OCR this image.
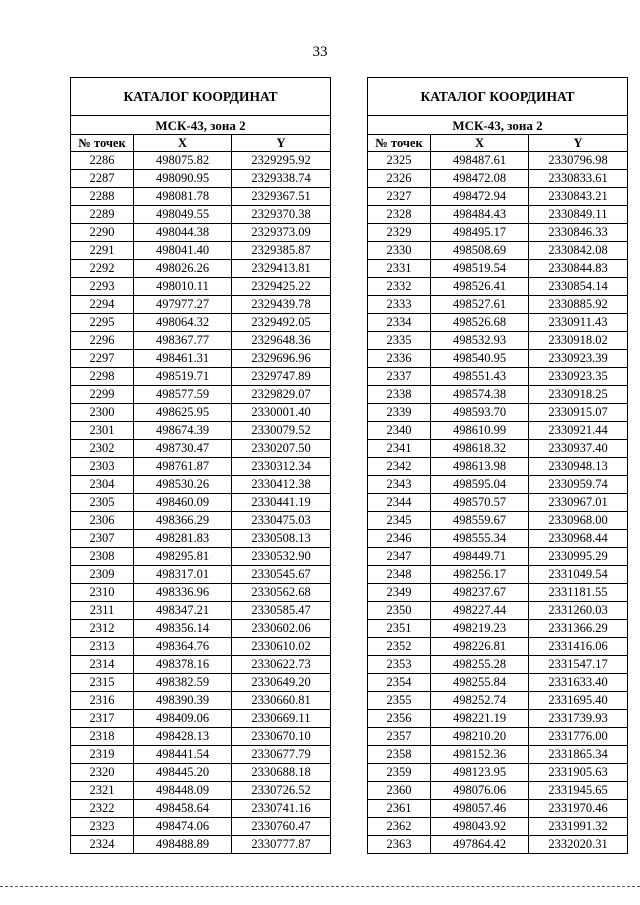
33
КАТАЛОГ КООРДИНАТ		
МСК-43, зона 2		
№ точек	X	Y
2286	498075.82	2329295.92
2287	498090.95	2329338.74
2288	498081.78	2329367.51
2289	498049.55	2329370.38
2290	498044.38	2329373.09
2291	498041.40	2329385.87
2292	498026.26	2329413.81
2293	498010.11	2329425.22
2294	497977.27	2329439.78
2295	498064.32	2329492.05
2296	498367.77	2329648.36
2297	498461.31	2329696.96
2298	498519.71	2329747.89
2299	498577.59	2329829.07
2300	498625.95	2330001.40
2301	498674.39	2330079.52
2302	498730.47	2330207.50
2303	498761.87	2330312.34
2304	498530.26	2330412.38
2305	498460.09	2330441.19
2306	498366.29	2330475.03
2307	498281.83	2330508.13
2308	498295.81	2330532.90
2309	498317.01	2330545.67
2310	498336.96	2330562.68
2311	498347.21	2330585.47
2312	498356.14	2330602.06
2313	498364.76	2330610.02
2314	498378.16	2330622.73
2315	498382.59	2330649.20
2316	498390.39	2330660.81
2317	498409.06	2330669.11
2318	498428.13	2330670.10
2319	498441.54	2330677.79
2320	498445.20	2330688.18
2321	498448.09	2330726.52
2322	498458.64	2330741.16
2323	498474.06	2330760.47
2324	498488.89	2330777.87
КАТАЛОГ КООРДИНАТ		
МСК-43, зона 2		
№ точек	X	Y
2325	498487.61	2330796.98
2326	498472.08	2330833.61
2327	498472.94	2330843.21
2328	498484.43	2330849.11
2329	498495.17	2330846.33
2330	498508.69	2330842.08
2331	498519.54	2330844.83
2332	498526.41	2330854.14
2333	498527.61	2330885.92
2334	498526.68	2330911.43
2335	498532.93	2330918.02
2336	498540.95	2330923.39
2337	498551.43	2330923.35
2338	498574.38	2330918.25
2339	498593.70	2330915.07
2340	498610.99	2330921.44
2341	498618.32	2330937.40
2342	498613.98	2330948.13
2343	498595.04	2330959.74
2344	498570.57	2330967.01
2345	498559.67	2330968.00
2346	498555.34	2330968.44
2347	498449.71	2330995.29
2348	498256.17	2331049.54
2349	498237.67	2331181.55
2350	498227.44	2331260.03
2351	498219.23	2331366.29
2352	498226.81	2331416.06
2353	498255.28	2331547.17
2354	498255.84	2331633.40
2355	498252.74	2331695.40
2356	498221.19	2331739.93
2357	498210.20	2331776.00
2358	498152.36	2331865.34
2359	498123.95	2331905.63
2360	498076.06	2331945.65
2361	498057.46	2331970.46
2362	498043.92	2331991.32
2363	497864.42	2332020.31
